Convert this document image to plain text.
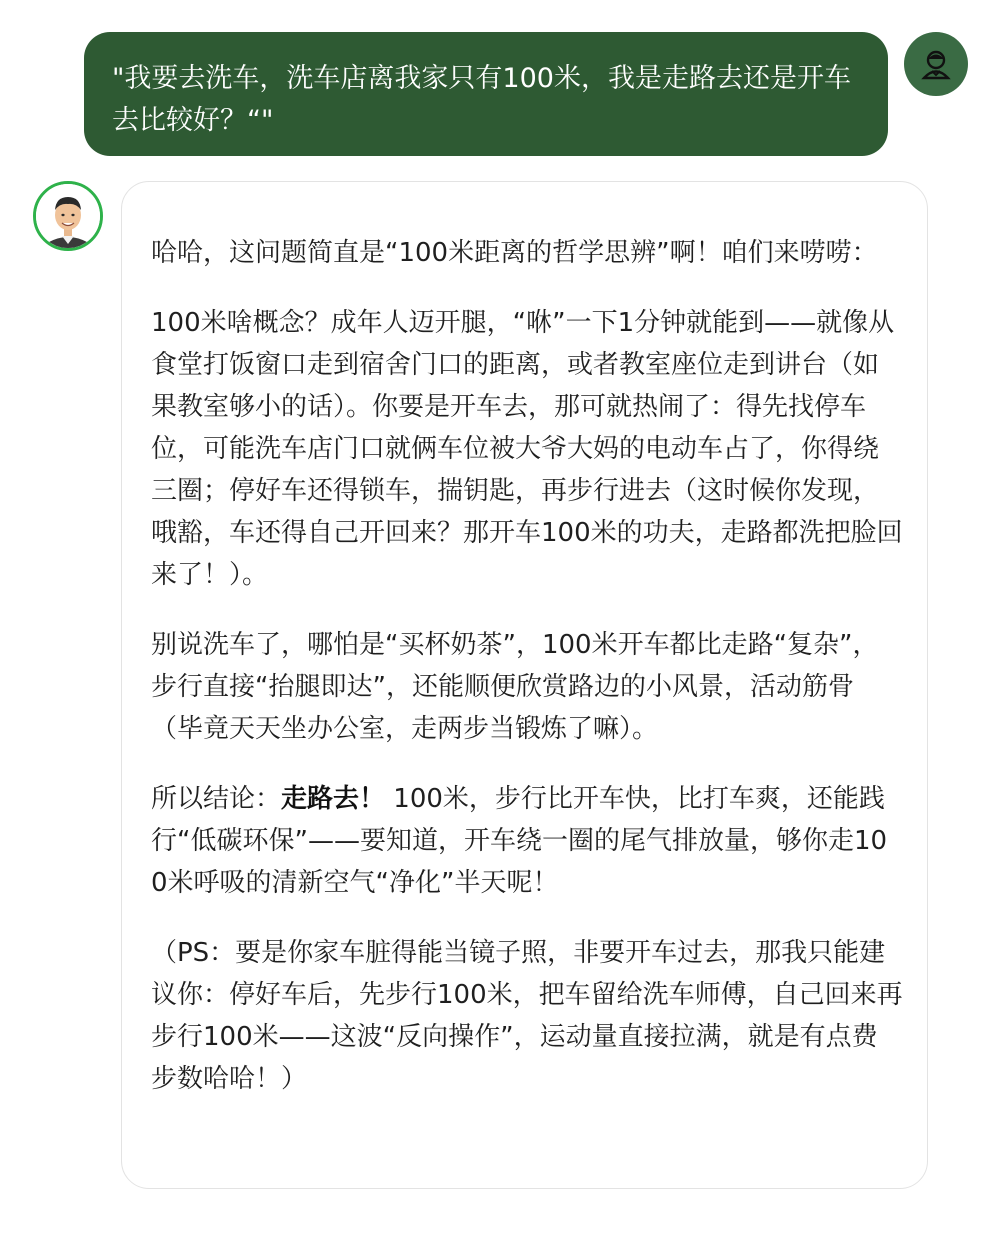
"我要去洗车，洗车店离我家只有100米，我是走路去还是开车去比较好？“"

哈哈，这问题简直是“100米距离的哲学思辨”啊！咱们来唠唠：

100米啥概念？成年人迈开腿，“咻”一下1分钟就能到——就像从食堂打饭窗口走到宿舍门口的距离，或者教室座位走到讲台（如果教室够小的话）。你要是开车去，那可就热闹了：得先找停车位，可能洗车店门口就俩车位被大爷大妈的电动车占了，你得绕三圈；停好车还得锁车，揣钥匙，再步行进去（这时候你发现，哦豁，车还得自己开回来？那开车100米的功夫，走路都洗把脸回来了！）。

别说洗车了，哪怕是“买杯奶茶”，100米开车都比走路“复杂”，步行直接“抬腿即达”，还能顺便欣赏路边的小风景，活动筋骨（毕竟天天坐办公室，走两步当锻炼了嘛）。

所以结论：走路去！ 100米，步行比开车快，比打车爽，还能践行“低碳环保”——要知道，开车绕一圈的尾气排放量，够你走100米呼吸的清新空气“净化”半天呢！

（PS：要是你家车脏得能当镜子照，非要开车过去，那我只能建议你：停好车后，先步行100米，把车留给洗车师傅，自己回来再步行100米——这波“反向操作”，运动量直接拉满，就是有点费步数哈哈！）
